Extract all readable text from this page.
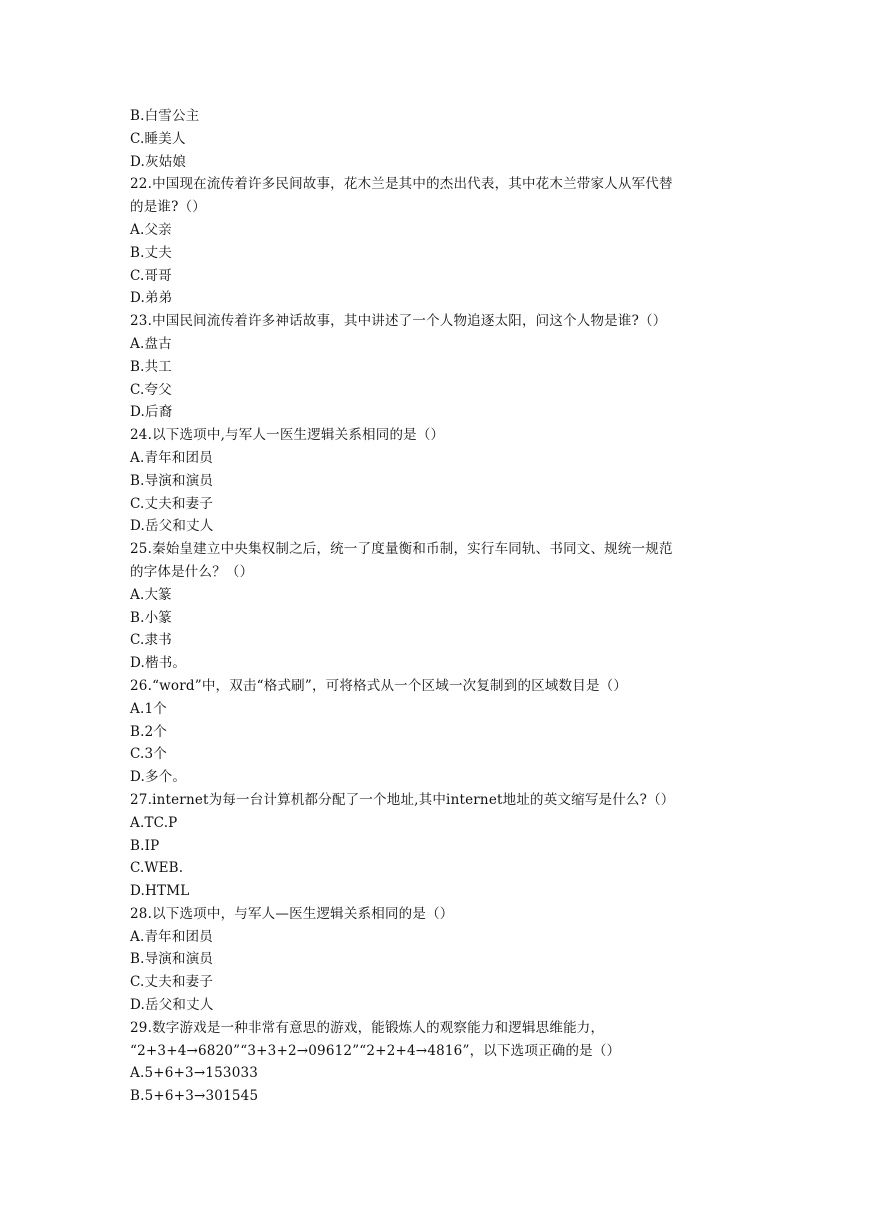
B.白雪公主
C.睡美人
D.灰姑娘
22.中国现在流传着许多民间故事，花木兰是其中的杰出代表，其中花木兰带家人从军代替
的是谁?（）
A.父亲
B.丈夫
C.哥哥
D.弟弟
23.中国民间流传着许多神话故事，其中讲述了一个人物追逐太阳，问这个人物是谁?（）
A.盘古
B.共工
C.夸父
D.后裔
24.以下选项中,与军人一医生逻辑关系相同的是（）
A.青年和团员
B.导演和演员
C.丈夫和妻子
D.岳父和丈人
25.秦始皇建立中央集权制之后，统一了度量衡和币制，实行车同轨、书同文、规统一规范
的字体是什么？（）
A.大篆
B.小篆
C.隶书
D.楷书。
26.“word”中，双击“格式刷”，可将格式从一个区域一次复制到的区域数目是（）
A.1个
B.2个
C.3个
D.多个。
27.internet为每一台计算机都分配了一个地址,其中internet地址的英文缩写是什么?（）
A.TC.P
B.IP
C.WEB.
D.HTML
28.以下选项中，与军人—医生逻辑关系相同的是（）
A.青年和团员
B.导演和演员
C.丈夫和妻子
D.岳父和丈人
29.数字游戏是一种非常有意思的游戏，能锻炼人的观察能力和逻辑思维能力，
“2+3+4→6820”“3+3+2→09612”“2+2+4→4816”，以下选项正确的是（）
A.5+6+3→153033
B.5+6+3→301545
